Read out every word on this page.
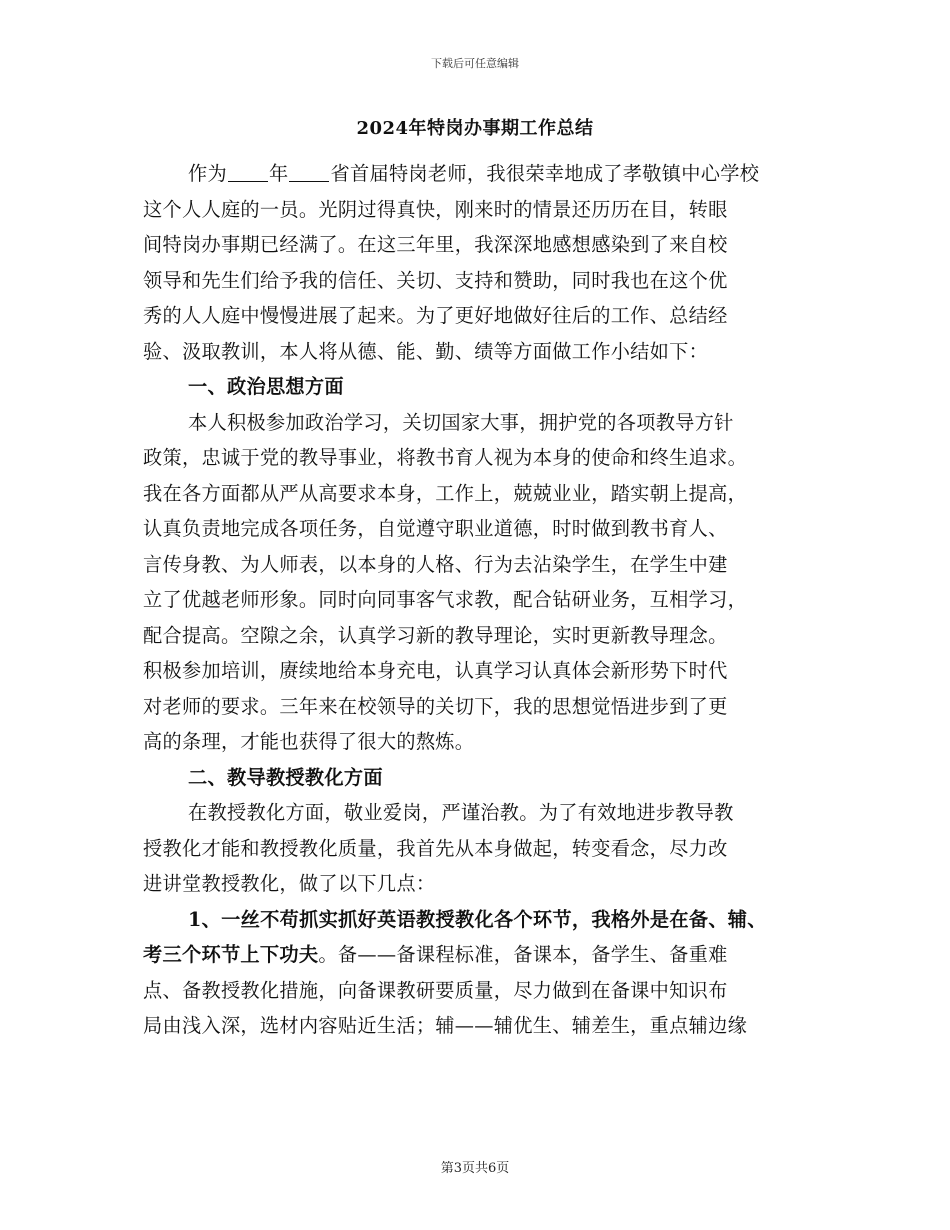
下载后可任意编辑
2024年特岗办事期工作总结
作为 年 省首届特岗老师，我很荣幸地成了孝敬镇中心学校
这个人人庭的一员。光阴过得真快，刚来时的情景还历历在目，转眼
间特岗办事期已经满了。在这三年里，我深深地感想感染到了来自校
领导和先生们给予我的信任、关切、支持和赞助，同时我也在这个优
秀的人人庭中慢慢进展了起来。为了更好地做好往后的工作、总结经
验、汲取教训，本人将从德、能、勤、绩等方面做工作小结如下：
一、政治思想方面
本人积极参加政治学习，关切国家大事，拥护党的各项教导方针
政策，忠诚于党的教导事业，将教书育人视为本身的使命和终生追求。
我在各方面都从严从高要求本身，工作上，兢兢业业，踏实朝上提高，
认真负责地完成各项任务，自觉遵守职业道德，时时做到教书育人、
言传身教、为人师表，以本身的人格、行为去沾染学生，在学生中建
立了优越老师形象。同时向同事客气求教，配合钻研业务，互相学习，
配合提高。空隙之余，认真学习新的教导理论，实时更新教导理念。
积极参加培训，赓续地给本身充电，认真学习认真体会新形势下时代
对老师的要求。三年来在校领导的关切下，我的思想觉悟进步到了更
高的条理，才能也获得了很大的熬炼。
二、教导教授教化方面
在教授教化方面，敬业爱岗，严谨治教。为了有效地进步教导教
授教化才能和教授教化质量，我首先从本身做起，转变看念，尽力改
进讲堂教授教化，做了以下几点：
1、一丝不苟抓实抓好英语教授教化各个环节，我格外是在备、辅、
考三个环节上下功夫。备——备课程标准，备课本，备学生、备重难
点、备教授教化措施，向备课教研要质量，尽力做到在备课中知识布
局由浅入深，选材内容贴近生活；辅——辅优生、辅差生，重点辅边缘
第3页共6页
